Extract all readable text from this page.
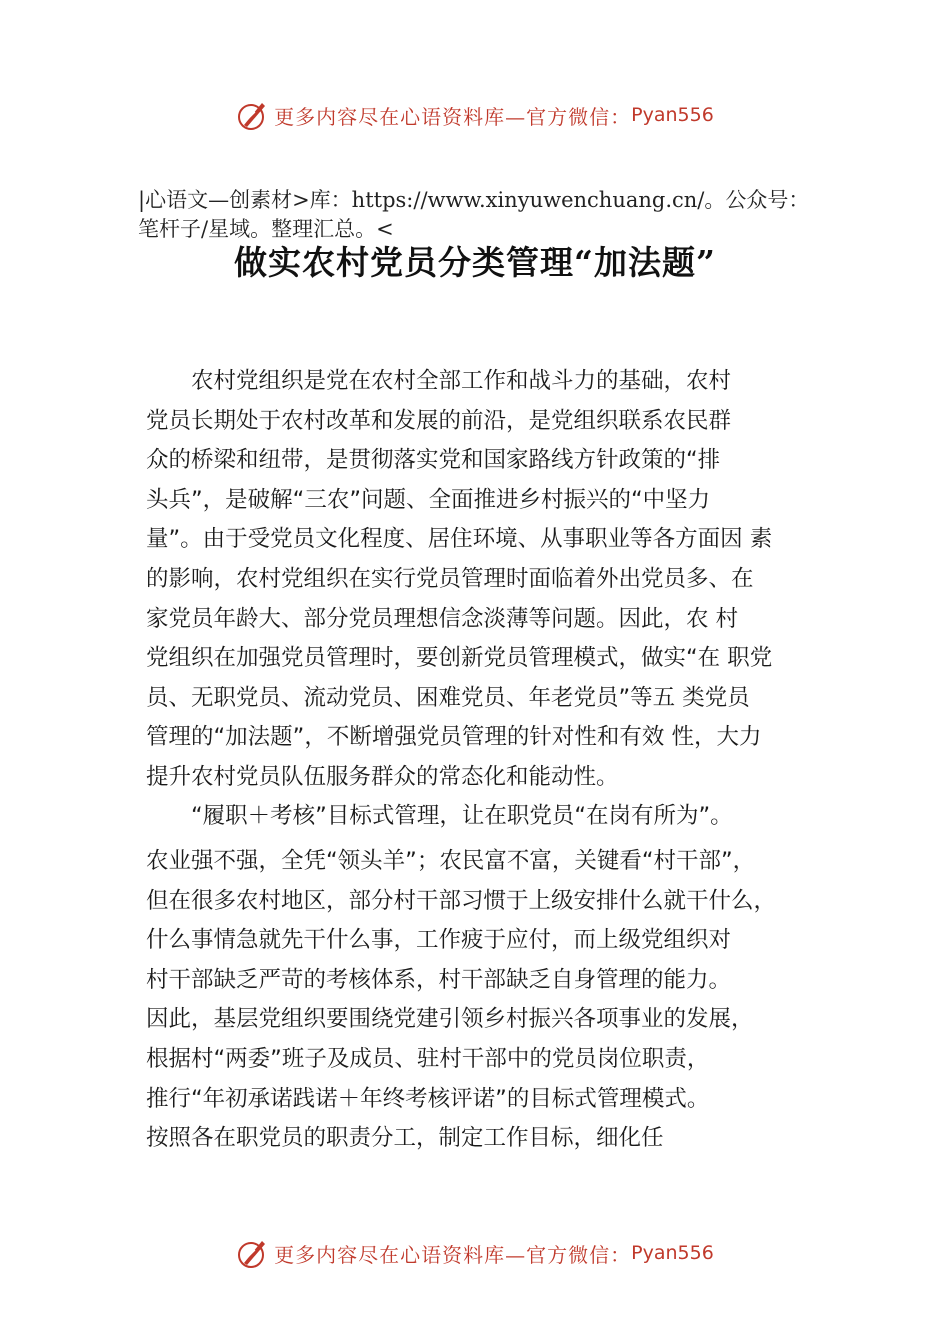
更多内容尽在心语资料库—官方微信： Pyan556
|心语文—创素材>库：https://www.xinyuwenchuang.cn/。公众号：笔杆子/星域。整理汇总。<
做实农村党员分类管理“加法题”
　　农村党组织是党在农村全部工作和战斗力的基础，农村
党员长期处于农村改革和发展的前沿，是党组织联系农民群
众的桥梁和纽带，是贯彻落实党和国家路线方针政策的“排
头兵”，是破解“三农”问题、全面推进乡村振兴的“中坚力
量”。由于受党员文化程度、居住环境、从事职业等各方面因 素
的影响，农村党组织在实行党员管理时面临着外出党员多、在
家党员年龄大、部分党员理想信念淡薄等问题。因此，农 村
党组织在加强党员管理时，要创新党员管理模式，做实“在 职党
员、无职党员、流动党员、困难党员、年老党员”等五 类党员
管理的“加法题”，不断增强党员管理的针对性和有效 性，大力
提升农村党员队伍服务群众的常态化和能动性。
　　“履职＋考核”目标式管理，让在职党员“在岗有所为”。
农业强不强，全凭“领头羊”；农民富不富，关键看“村干部”，
但在很多农村地区，部分村干部习惯于上级安排什么就干什么，
什么事情急就先干什么事，工作疲于应付，而上级党组织对
村干部缺乏严苛的考核体系，村干部缺乏自身管理的能力。
因此，基层党组织要围绕党建引领乡村振兴各项事业的发展，
根据村“两委”班子及成员、驻村干部中的党员岗位职责，
推行“年初承诺践诺＋年终考核评诺”的目标式管理模式。
按照各在职党员的职责分工，制定工作目标，细化任
更多内容尽在心语资料库—官方微信： Pyan556
